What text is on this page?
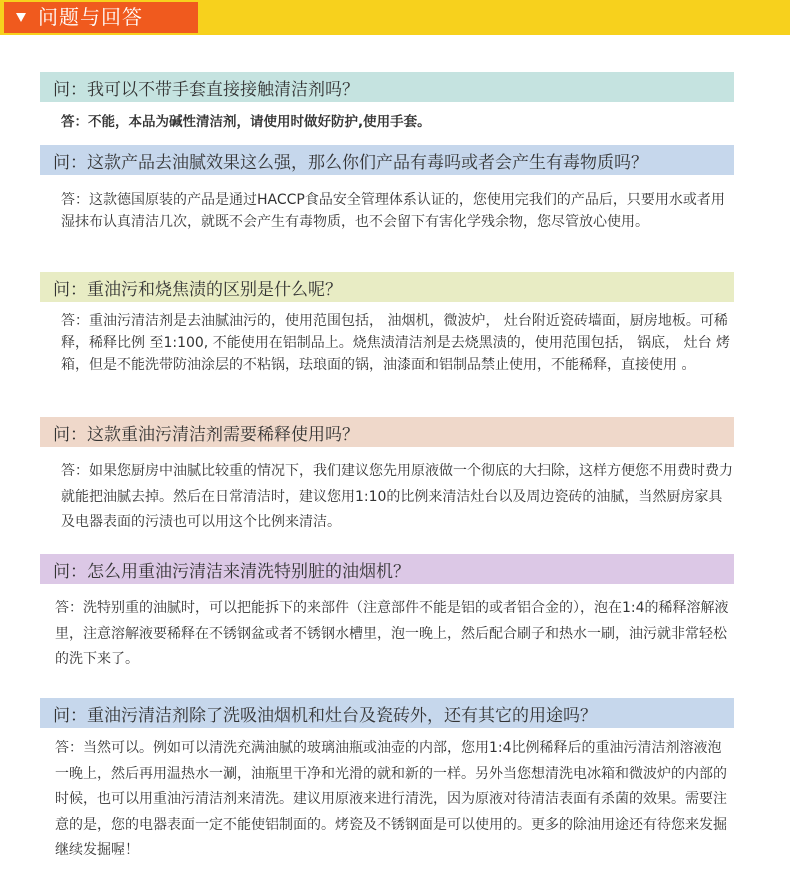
问题与回答
问：我可以不带手套直接接触清洁剂吗？
答：不能，本品为碱性清洁剂，请使用时做好防护,使用手套。
问：这款产品去油腻效果这么强，那么你们产品有毒吗或者会产生有毒物质吗？
答：这款德国原装的产品是通过HACCP食品安全管理体系认证的，您使用完我们的产品后，只要用水或者用湿抹布认真清洁几次，就既不会产生有毒物质，也不会留下有害化学残余物，您尽管放心使用。
问：重油污和烧焦渍的区别是什么呢？
答：重油污清洁剂是去油腻油污的，使用范围包括， 油烟机，微波炉， 灶台附近瓷砖墙面，厨房地板。可稀释，稀释比例 至1:100, 不能使用在铝制品上。烧焦渍清洁剂是去烧黑渍的，使用范围包括， 锅底， 灶台 烤箱，但是不能洗带防油涂层的不粘锅，珐琅面的锅，油漆面和铝制品禁止使用，不能稀释，直接使用 。
问：这款重油污清洁剂需要稀释使用吗？
答：如果您厨房中油腻比较重的情况下，我们建议您先用原液做一个彻底的大扫除，这样方便您不用费时费力就能把油腻去掉。然后在日常清洁时，建议您用1:10的比例来清洁灶台以及周边瓷砖的油腻，当然厨房家具及电器表面的污渍也可以用这个比例来清洁。
问：怎么用重油污清洁来清洗特别脏的油烟机？
答：洗特别重的油腻时，可以把能拆下的来部件（注意部件不能是铝的或者铝合金的），泡在1:4的稀释溶解液里，注意溶解液要稀释在不锈钢盆或者不锈钢水槽里，泡一晚上，然后配合刷子和热水一刷，油污就非常轻松的洗下来了。
问：重油污清洁剂除了洗吸油烟机和灶台及瓷砖外，还有其它的用途吗？
答：当然可以。例如可以清洗充满油腻的玻璃油瓶或油壶的内部，您用1:4比例稀释后的重油污清洁剂溶液泡一晚上，然后再用温热水一涮，油瓶里干净和光滑的就和新的一样。另外当您想清洗电冰箱和微波炉的内部的时候，也可以用重油污清洁剂来清洗。建议用原液来进行清洗，因为原液对待清洁表面有杀菌的效果。需要注意的是，您的电器表面一定不能使铝制面的。烤瓷及不锈钢面是可以使用的。更多的除油用途还有待您来发掘继续发掘喔！
